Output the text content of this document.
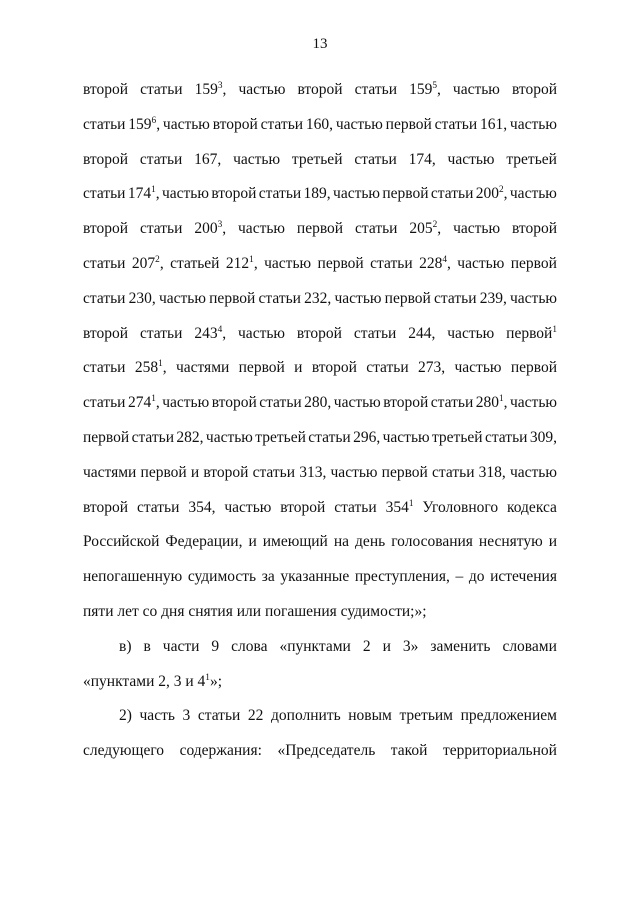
13
второй статьи $159^3$, частью второй статьи $159^5$, частью второй
статьи $159^6$, частью второй статьи 160, частью первой статьи 161, частью
второй статьи 167, частью третьей статьи 174, частью третьей
статьи $174^1$, частью второй статьи 189, частью первой статьи $200^2$, частью
второй статьи $200^3$, частью первой статьи $205^2$, частью второй
статьи $207^2$, статьей $212^1$, частью первой статьи $228^4$, частью первой
статьи 230, частью первой статьи 232, частью первой статьи 239, частью
второй статьи $243^4$, частью второй статьи 244, частью первой$^1$
статьи $258^1$, частями первой и второй статьи 273, частью первой
статьи $274^1$, частью второй статьи 280, частью второй статьи $280^1$, частью
первой статьи 282, частью третьей статьи 296, частью третьей статьи 309,
частями первой и второй статьи 313, частью первой статьи 318, частью
второй статьи 354, частью второй статьи $354^1$ Уголовного кодекса
Российской Федерации, и имеющий на день голосования неснятую и
непогашенную судимость за указанные преступления, – до истечения
пяти лет со дня снятия или погашения судимости;»;
в) в части 9 слова «пунктами 2 и 3» заменить словами
«пунктами 2, 3 и $4^1$»;
2) часть 3 статьи 22 дополнить новым третьим предложением
следующего содержания: «Председатель такой территориальной
